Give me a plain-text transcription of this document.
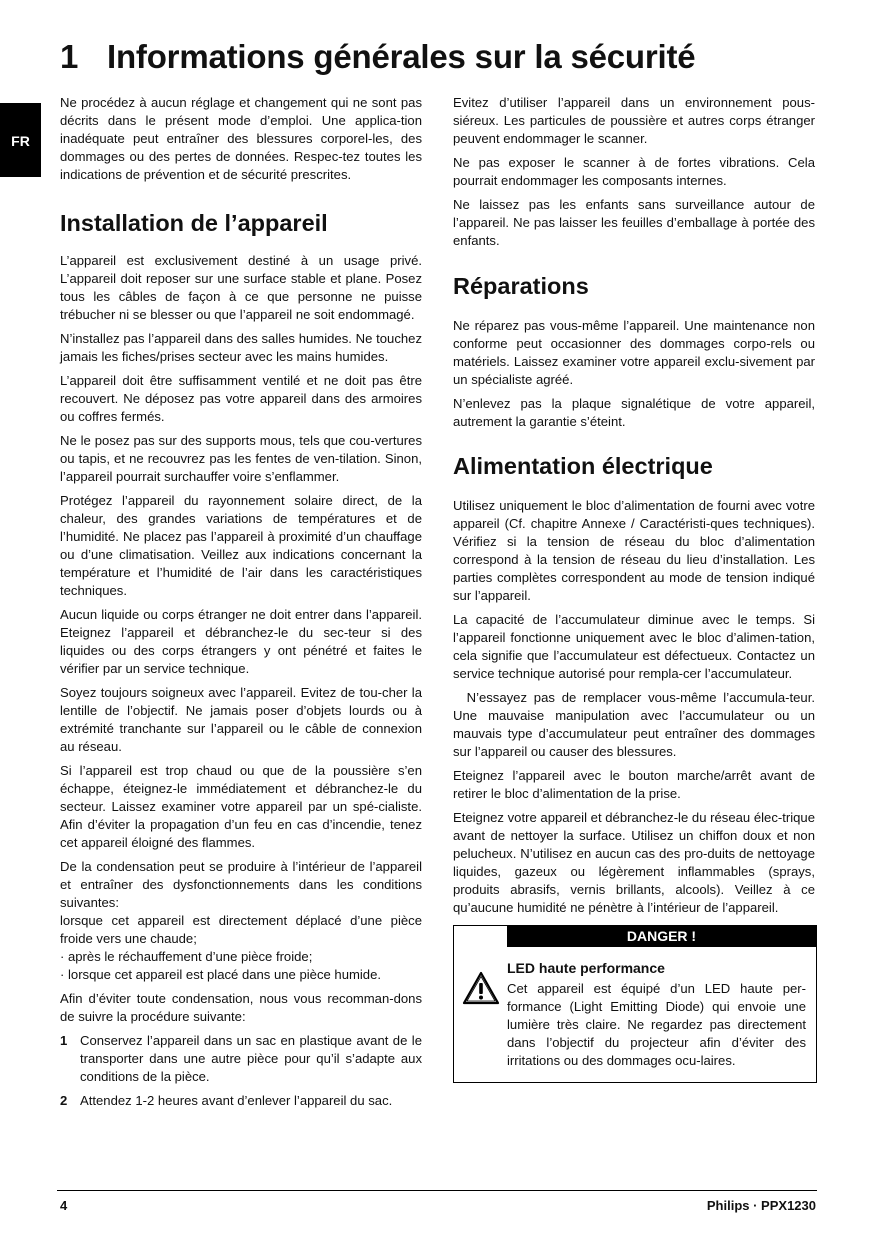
FR
1 Informations générales sur la sécurité

Ne procédez à aucun réglage et changement qui ne sont pas décrits dans le présent mode d’emploi. Une applica-tion inadéquate peut entraîner des blessures corporel-les, des dommages ou des pertes de données. Respec-tez toutes les indications de prévention et de sécurité prescrites.

Installation de l’appareil

L’appareil est exclusivement destiné à un usage privé. L’appareil doit reposer sur une surface stable et plane. Posez tous les câbles de façon à ce que personne ne puisse trébucher ni se blesser ou que l’appareil ne soit endommagé.

N’installez pas l’appareil dans des salles humides. Ne touchez jamais les fiches/prises secteur avec les mains humides.

L’appareil doit être suffisamment ventilé et ne doit pas être recouvert. Ne déposez pas votre appareil dans des armoires ou coffres fermés.

Ne le posez pas sur des supports mous, tels que cou-vertures ou tapis, et ne recouvrez pas les fentes de ven-tilation. Sinon, l’appareil pourrait surchauffer voire s’enflammer.

Protégez l’appareil du rayonnement solaire direct, de la chaleur, des grandes variations de températures et de l’humidité. Ne placez pas l’appareil à proximité d’un chauffage ou d’une climatisation. Veillez aux indications concernant la température et l’humidité de l’air dans les caractéristiques techniques.

Aucun liquide ou corps étranger ne doit entrer dans l’appareil. Eteignez l’appareil et débranchez-le du sec-teur si des liquides ou des corps étrangers y ont pénétré et faites le vérifier par un service technique.

Soyez toujours soigneux avec l’appareil. Evitez de tou-cher la lentille de l’objectif. Ne jamais poser d’objets lourds ou à extrémité tranchante sur l’appareil ou le câble de connexion au réseau.

Si l’appareil est trop chaud ou que de la poussière s’en échappe, éteignez-le immédiatement et débranchez-le du secteur. Laissez examiner votre appareil par un spé-cialiste. Afin d’éviter la propagation d’un feu en cas d’incendie, tenez cet appareil éloigné des flammes.

De la condensation peut se produire à l’intérieur de l’appareil et entraîner des dysfonctionnements dans les conditions suivantes:

lorsque cet appareil est directement déplacé d’une pièce froide vers une chaude;

· après le réchauffement d’une pièce froide;

· lorsque cet appareil est placé dans une pièce humide.

Afin d’éviter toute condensation, nous vous recomman-dons de suivre la procédure suivante:

1 Conservez l’appareil dans un sac en plastique avant de le transporter dans une autre pièce pour qu’il s’adapte aux conditions de la pièce.
2 Attendez 1-2 heures avant d’enlever l’appareil du sac.

Evitez d’utiliser l’appareil dans un environnement pous-siéreux. Les particules de poussière et autres corps étranger peuvent endommager le scanner.

Ne pas exposer le scanner à de fortes vibrations. Cela pourrait endommager les composants internes.

Ne laissez pas les enfants sans surveillance autour de l’appareil. Ne pas laisser les feuilles d’emballage à portée des enfants.

Réparations

Ne réparez pas vous-même l’appareil. Une maintenance non conforme peut occasionner des dommages corpo-rels ou matériels. Laissez examiner votre appareil exclu-sivement par un spécialiste agréé.

N’enlevez pas la plaque signalétique de votre appareil, autrement la garantie s’éteint.

Alimentation électrique

Utilisez uniquement le bloc d’alimentation de fourni avec votre appareil (Cf. chapitre Annexe / Caractéristi-ques techniques). Vérifiez si la tension de réseau du bloc d’alimentation correspond à la tension de réseau du lieu d’installation. Les parties complètes correspondent au mode de tension indiqué sur l’appareil.

La capacité de l’accumulateur diminue avec le temps. Si l’appareil fonctionne uniquement avec le bloc d’alimen-tation, cela signifie que l’accumulateur est défectueux. Contactez un service technique autorisé pour rempla-cer l’accumulateur.

N’essayez pas de remplacer vous-même l’accumula-teur. Une mauvaise manipulation avec l’accumulateur ou un mauvais type d’accumulateur peut entraîner des dommages sur l’appareil ou causer des blessures.

Eteignez l’appareil avec le bouton marche/arrêt avant de retirer le bloc d’alimentation de la prise.

Eteignez votre appareil et débranchez-le du réseau élec-trique avant de nettoyer la surface. Utilisez un chiffon doux et non pelucheux. N’utilisez en aucun cas des pro-duits de nettoyage liquides, gazeux ou légèrement inflammables (sprays, produits abrasifs, vernis brillants, alcools). Veillez à ce qu’aucune humidité ne pénètre à l’intérieur de l’appareil.

DANGER !
LED haute performance
Cet appareil est équipé d’un LED haute per-formance (Light Emitting Diode) qui envoie une lumière très claire. Ne regardez pas directement dans l’objectif du projecteur afin d’éviter des irritations ou des dommages ocu-laires.
4	Philips · PPX1230
